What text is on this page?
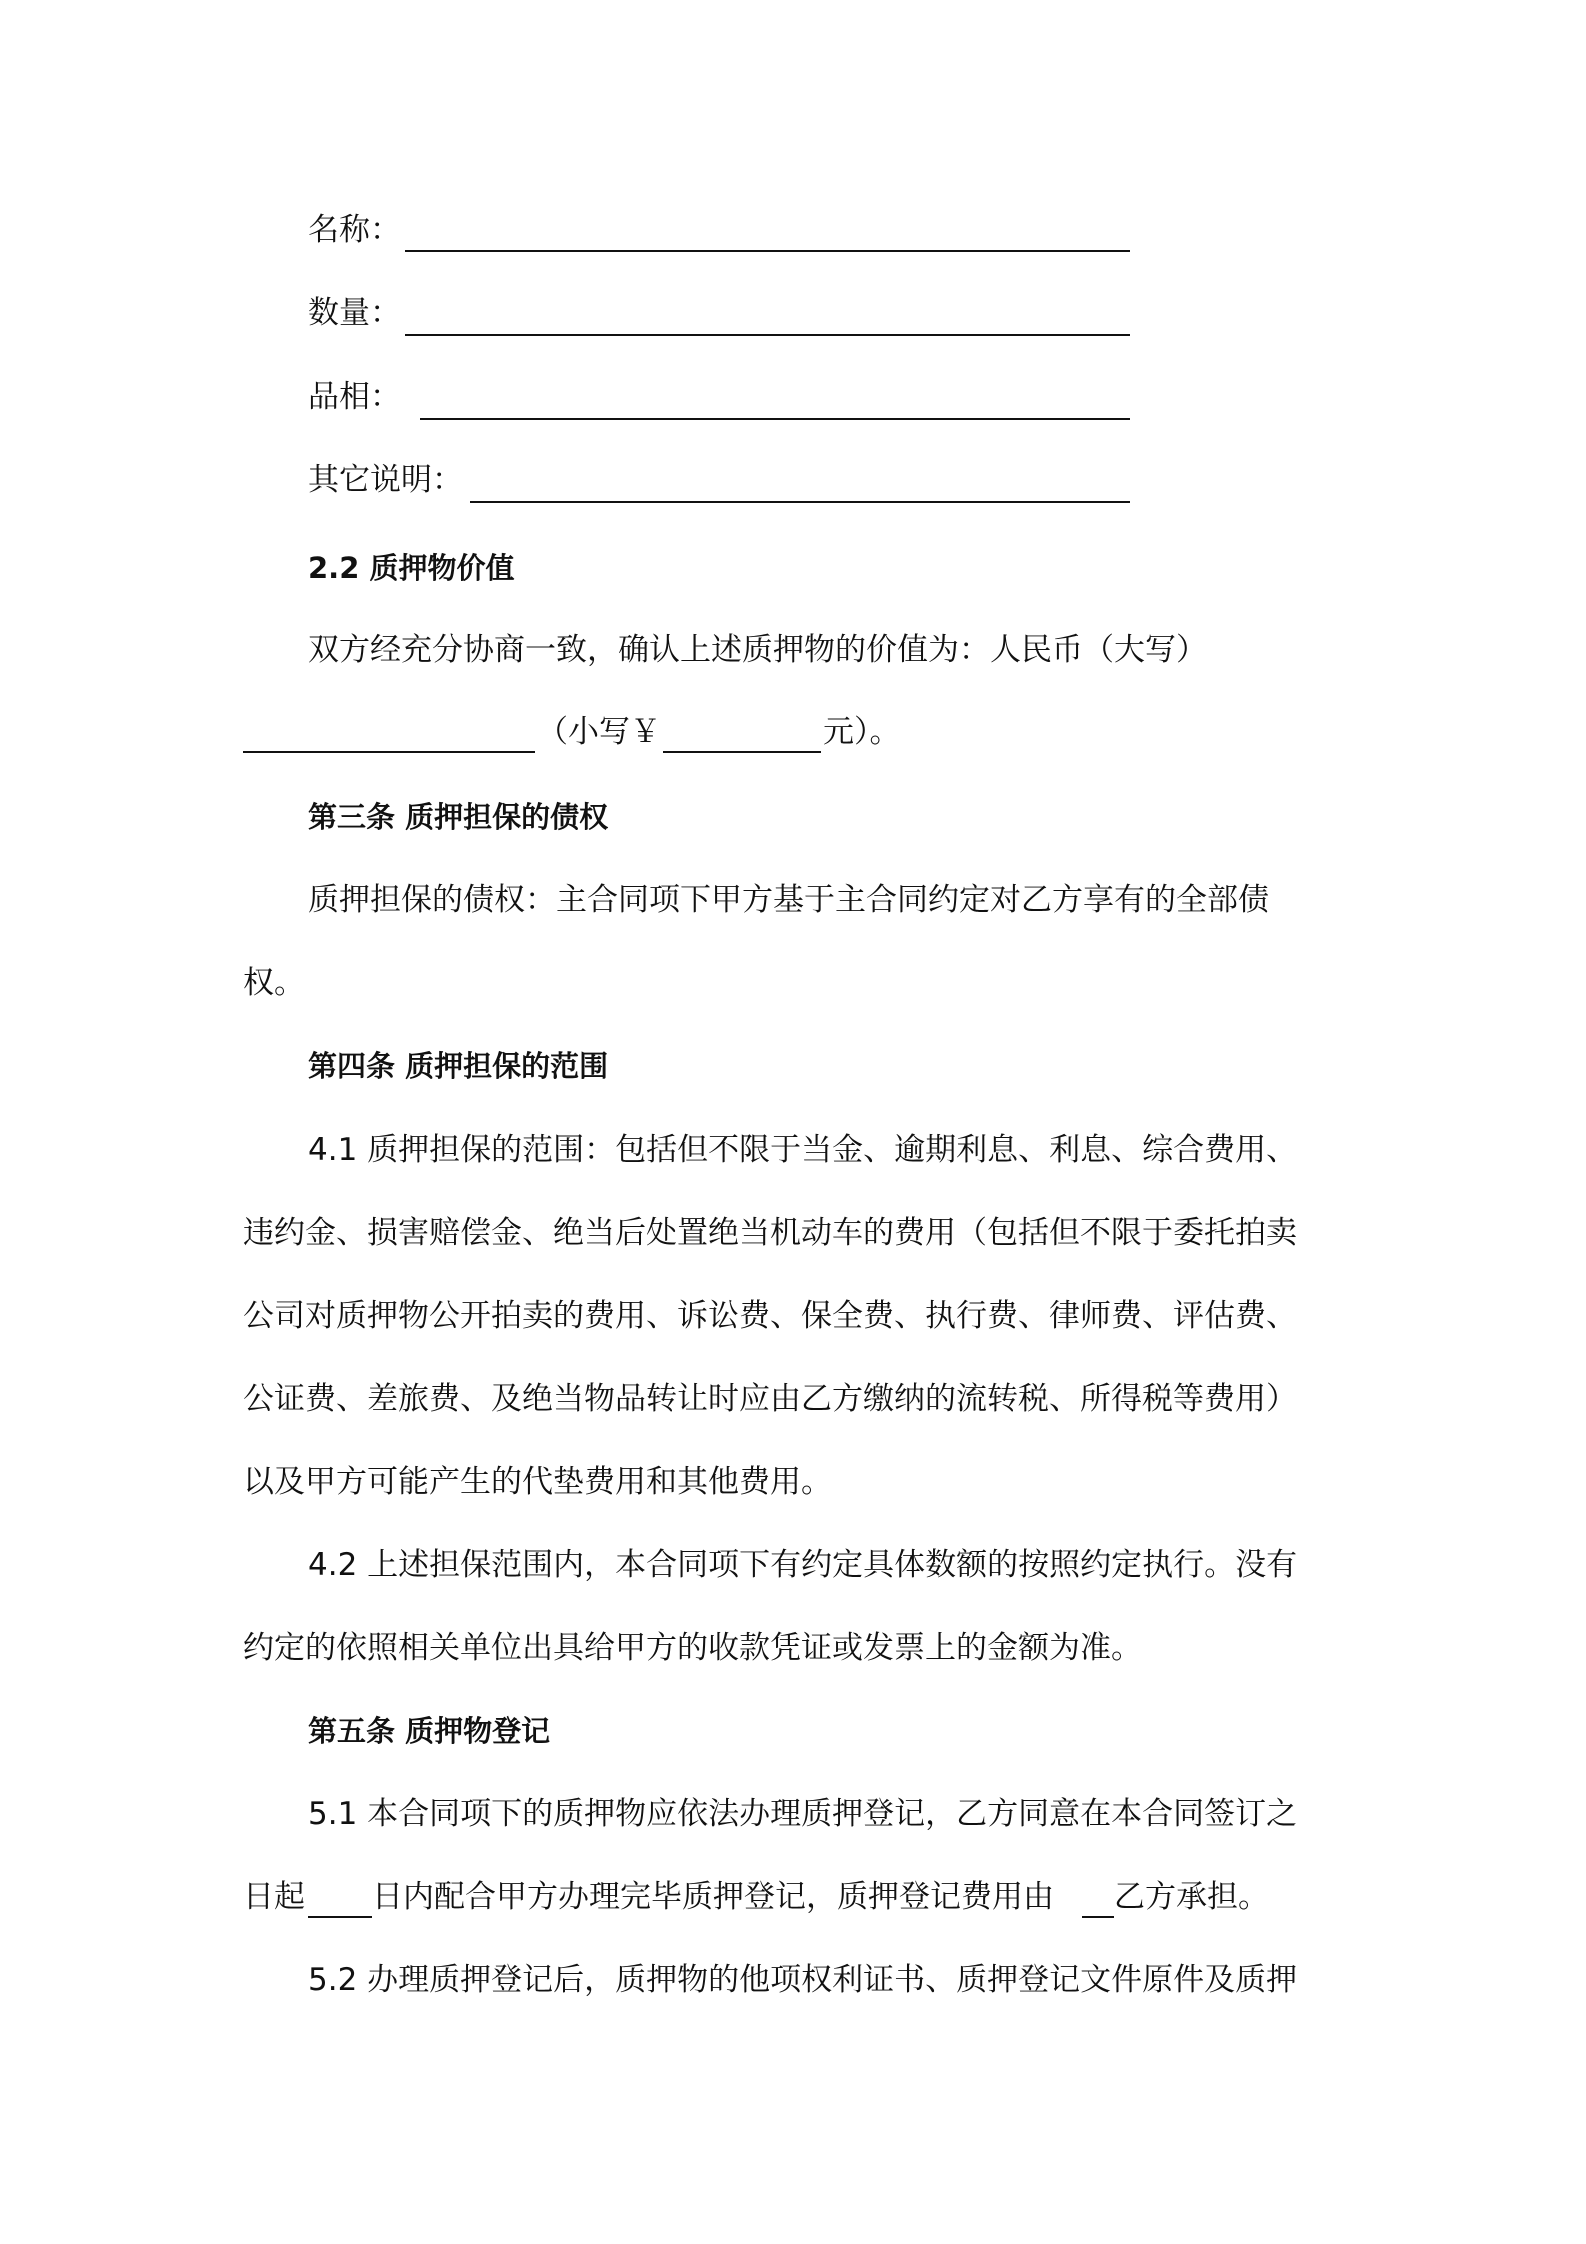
名称：
数量：
品相：
其它说明：
2.2 质押物价值
双方经充分协商一致，确认上述质押物的价值为：人民币（大写）
（小写￥	元）。
第三条 质押担保的债权
质押担保的债权：主合同项下甲方基于主合同约定对乙方享有的全部债
权。
第四条 质押担保的范围
4.1 质押担保的范围：包括但不限于当金、逾期利息、利息、综合费用、
违约金、损害赔偿金、绝当后处置绝当机动车的费用（包括但不限于委托拍卖
公司对质押物公开拍卖的费用、诉讼费、保全费、执行费、律师费、评估费、
公证费、差旅费、及绝当物品转让时应由乙方缴纳的流转税、所得税等费用）
以及甲方可能产生的代垫费用和其他费用。
4.2 上述担保范围内，本合同项下有约定具体数额的按照约定执行。没有
约定的依照相关单位出具给甲方的收款凭证或发票上的金额为准。
第五条 质押物登记
5.1 本合同项下的质押物应依法办理质押登记，乙方同意在本合同签订之
日起 日内配合甲方办理完毕质押登记，质押登记费用由 乙方承担。
5.2 办理质押登记后，质押物的他项权利证书、质押登记文件原件及质押
